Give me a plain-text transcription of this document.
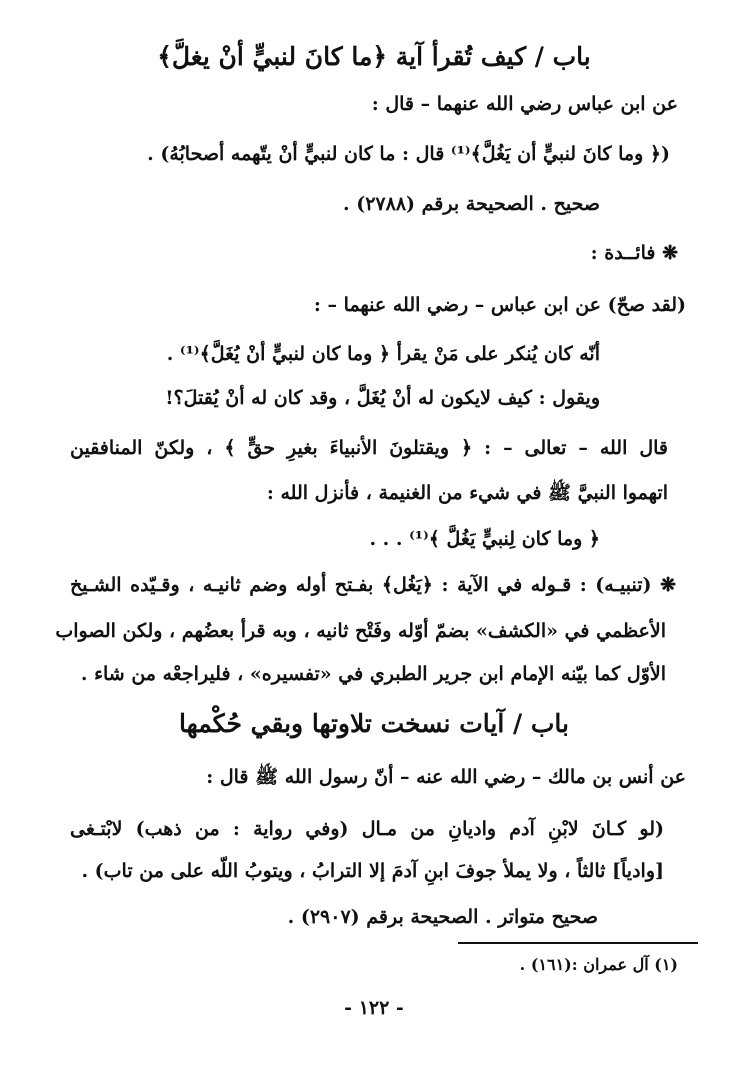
باب / كيف تُقرأ آية ﴿ما كانَ لنبيٍّ أنْ يغلَّ﴾
عن ابن عباس رضي الله عنهما – قال :
(﴿ وما كانَ لنبيٍّ أن يَغُلَّ﴾⁽¹⁾ قال : ما كان لنبيٍّ أنْ يتّهمه أصحابُهُ) .
صحيح . الصحيحة برقم (٢٧٨٨) .
❋ فائــدة :
(لقد صحّ) عن ابن عباس – رضي الله عنهما – :
أنّه كان يُنكر على مَنْ يقرأ ﴿ وما كان لنبيٍّ أنْ يُغَلَّ﴾⁽¹⁾ .
ويقول : كيف لايكون له أنْ يُغَلَّ ، وقد كان له أنْ يُقتلَ؟!
قال الله – تعالى – : ﴿ ويقتلونَ الأنبياءَ بغيرِ حقٍّ ﴾ ، ولكنّ المنافقين
اتهموا النبيَّ ﷺ في شيء من الغنيمة ، فأنزل الله :
﴿ وما كان لِنبيٍّ يَغُلَّ ﴾⁽¹⁾ . . .
❋ (تنبيـه) : قـوله في الآية : ﴿يَغُل﴾ بفـتح أوله وضم ثانيـه ، وقـيّده الشـيخ
الأعظمي في «الكشف» بضمّ أوّله وفَتْح ثانيه ، وبه قرأ بعضُهم ، ولكن الصواب
الأوّل كما بيّنه الإمام ابن جرير الطبري في «تفسيره» ، فليراجعْه من شاء .
باب / آيات نسخت تلاوتها وبقي حُكْمها
عن أنس بن مالك – رضي الله عنه – أنّ رسول الله ﷺ قال :
(لو كـانَ لابْنِ آدم واديانِ من مـال (وفي رواية : من ذهب) لابْتـغى
[وادياً] ثالثاً ، ولا يملأ جوفَ ابنِ آدمَ إلا الترابُ ، ويتوبُ اللّه على من تاب) .
صحيح متواتر . الصحيحة برقم (٢٩٠٧) .
(١) آل عمران :(١٦١) .
- ١٢٢ -
